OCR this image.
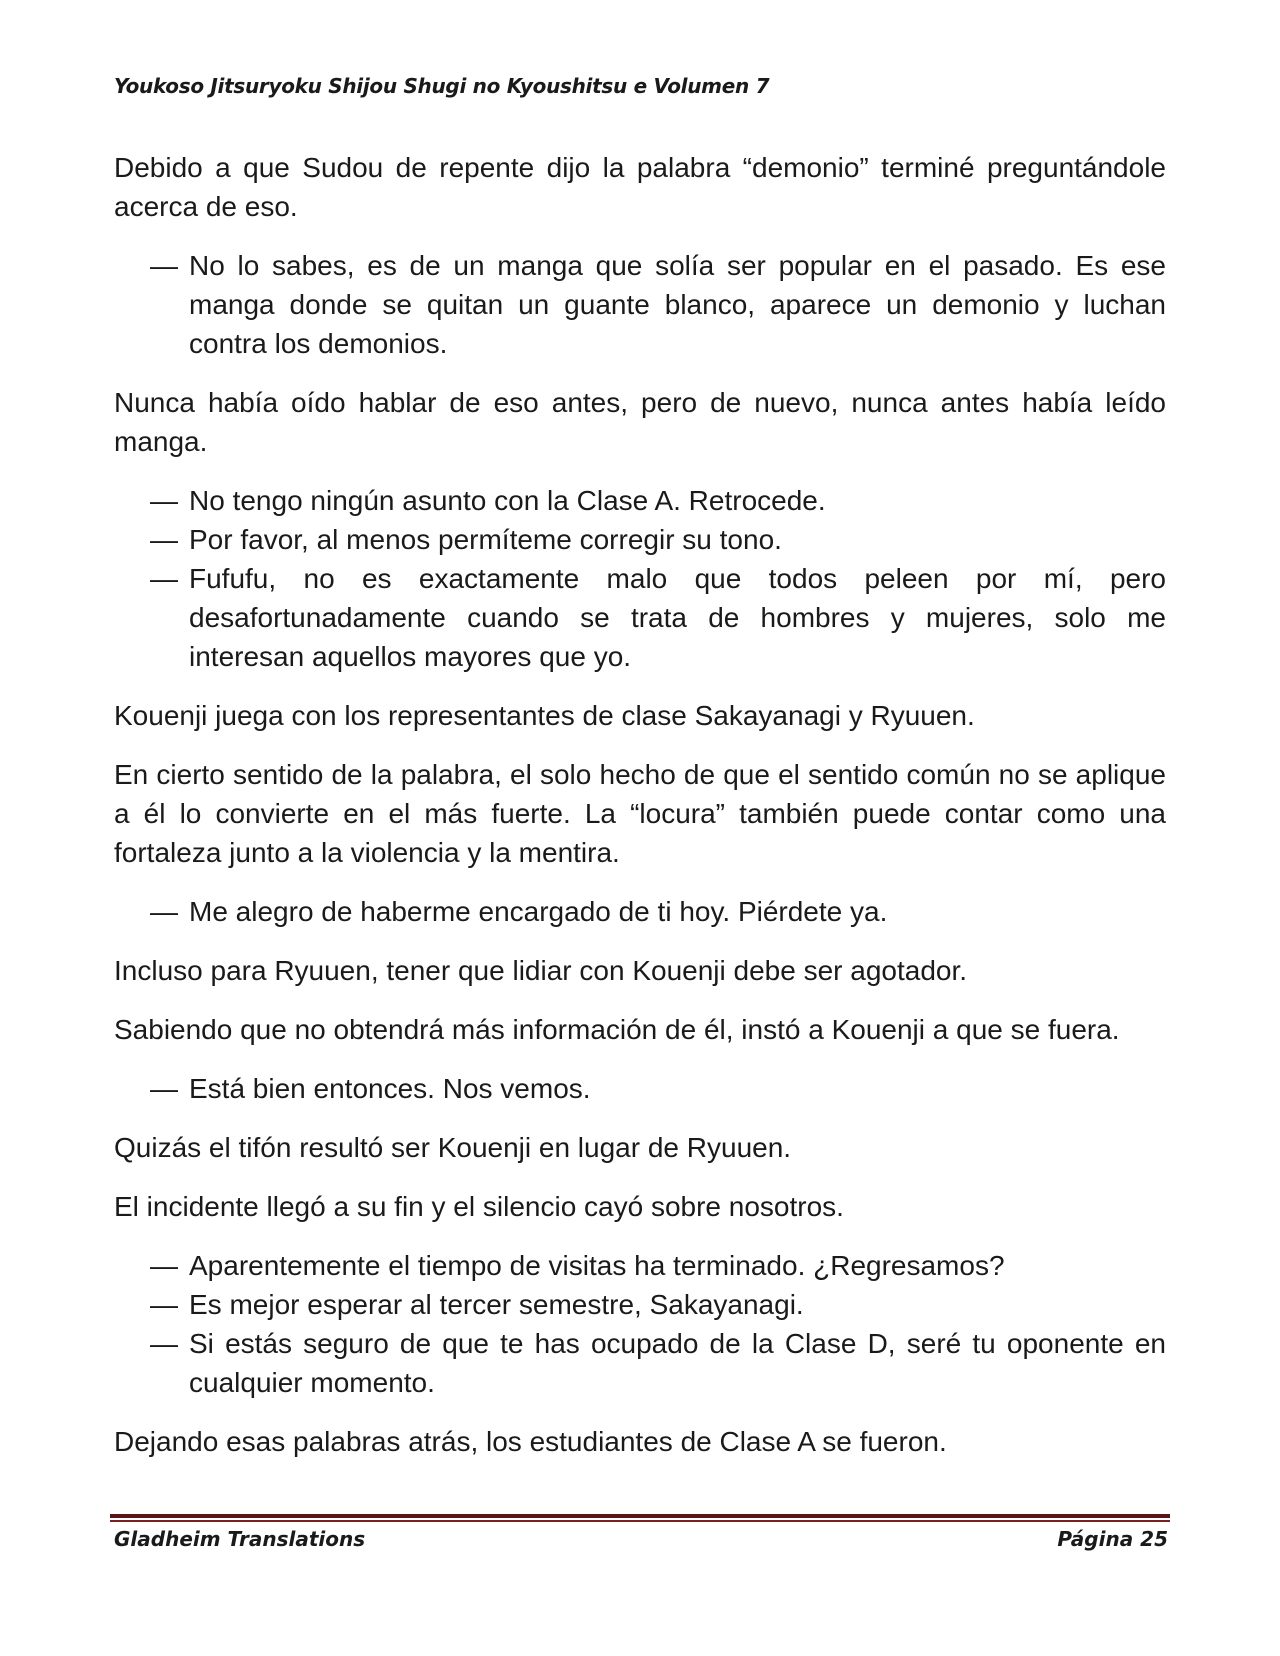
Youkoso Jitsuryoku Shijou Shugi no Kyoushitsu e Volumen 7

Debido a que Sudou de repente dijo la palabra “demonio” terminé preguntándole acerca de eso.

— No lo sabes, es de un manga que solía ser popular en el pasado. Es ese manga donde se quitan un guante blanco, aparece un demonio y luchan contra los demonios.

Nunca había oído hablar de eso antes, pero de nuevo, nunca antes había leído manga.

— No tengo ningún asunto con la Clase A. Retrocede.
— Por favor, al menos permíteme corregir su tono.
— Fufufu, no es exactamente malo que todos peleen por mí, pero desafortunadamente cuando se trata de hombres y mujeres, solo me interesan aquellos mayores que yo.

Kouenji juega con los representantes de clase Sakayanagi y Ryuuen.

En cierto sentido de la palabra, el solo hecho de que el sentido común no se aplique a él lo convierte en el más fuerte. La “locura” también puede contar como una fortaleza junto a la violencia y la mentira.

— Me alegro de haberme encargado de ti hoy. Piérdete ya.

Incluso para Ryuuen, tener que lidiar con Kouenji debe ser agotador.

Sabiendo que no obtendrá más información de él, instó a Kouenji a que se fuera.

— Está bien entonces. Nos vemos.

Quizás el tifón resultó ser Kouenji en lugar de Ryuuen.

El incidente llegó a su fin y el silencio cayó sobre nosotros.

— Aparentemente el tiempo de visitas ha terminado. ¿Regresamos?
— Es mejor esperar al tercer semestre, Sakayanagi.
— Si estás seguro de que te has ocupado de la Clase D, seré tu oponente en cualquier momento.

Dejando esas palabras atrás, los estudiantes de Clase A se fueron.

Gladheim Translations	Página 25
